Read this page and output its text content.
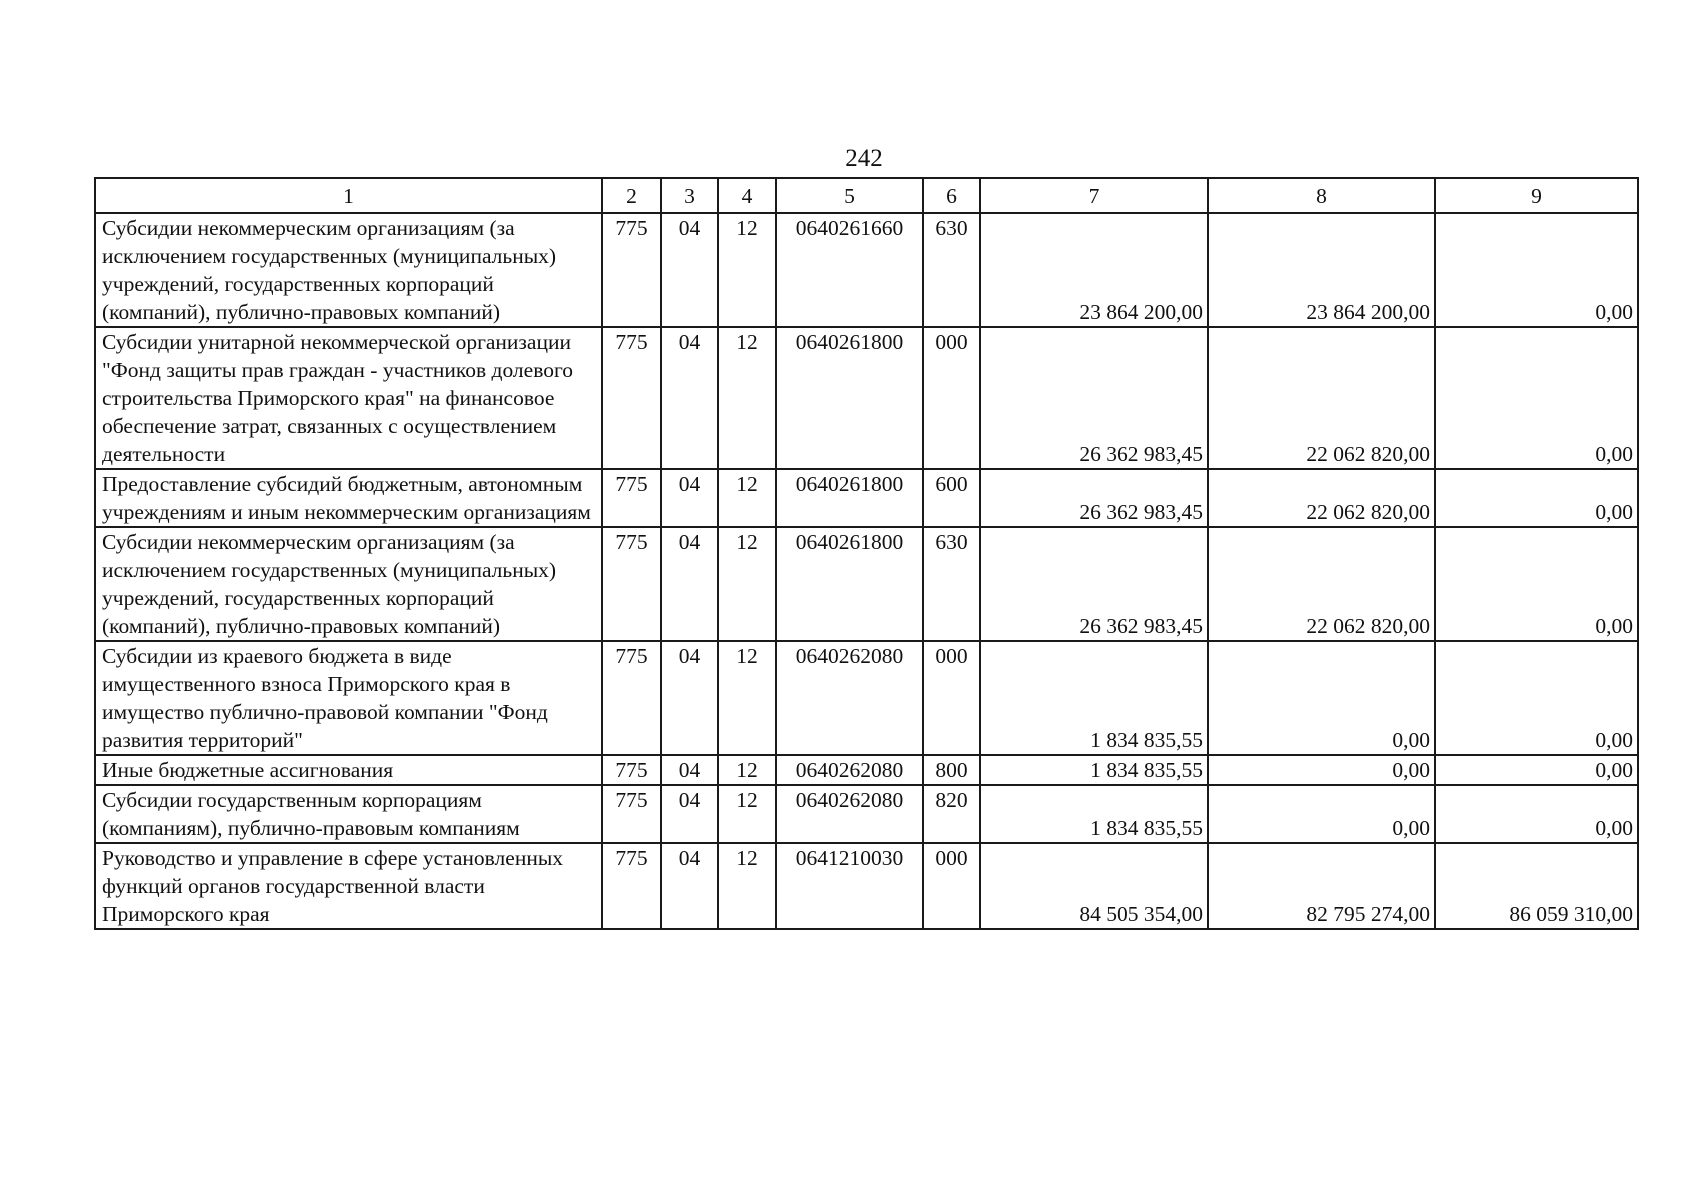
242
1	2	3	4	5	6	7	8	9
Субсидии некоммерческим организациям (за исключением государственных (муниципальных) учреждений, государственных корпораций (компаний), публично-правовых компаний)	775	04	12	0640261660	630	23 864 200,00	23 864 200,00	0,00
Субсидии унитарной некоммерческой организации "Фонд защиты прав граждан - участников долевого строительства Приморского края" на финансовое обеспечение затрат, связанных с осуществлением деятельности	775	04	12	0640261800	000	26 362 983,45	22 062 820,00	0,00
Предоставление субсидий бюджетным, автономным учреждениям и иным некоммерческим организациям	775	04	12	0640261800	600	26 362 983,45	22 062 820,00	0,00
Субсидии некоммерческим организациям (за исключением государственных (муниципальных) учреждений, государственных корпораций (компаний), публично-правовых компаний)	775	04	12	0640261800	630	26 362 983,45	22 062 820,00	0,00
Субсидии из краевого бюджета в виде имущественного взноса Приморского края в имущество публично-правовой компании "Фонд развития территорий"	775	04	12	0640262080	000	1 834 835,55	0,00	0,00
Иные бюджетные ассигнования	775	04	12	0640262080	800	1 834 835,55	0,00	0,00
Субсидии государственным корпорациям (компаниям), публично-правовым компаниям	775	04	12	0640262080	820	1 834 835,55	0,00	0,00
Руководство и управление в сфере установленных функций органов государственной власти Приморского края	775	04	12	0641210030	000	84 505 354,00	82 795 274,00	86 059 310,00
